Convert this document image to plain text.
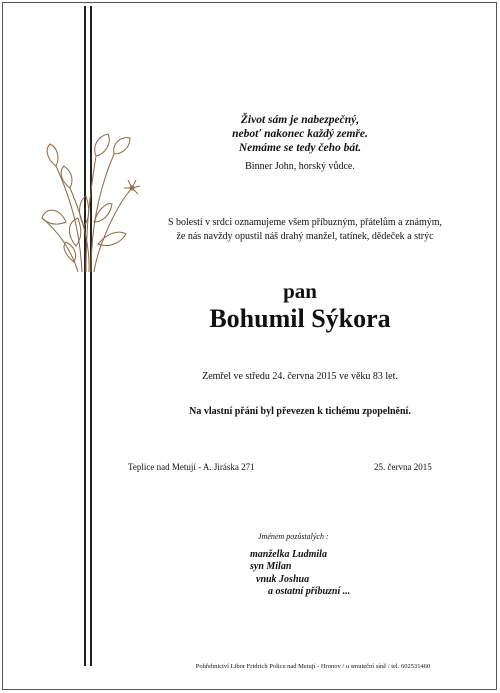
Život sám je nabezpečný,
neboť nakonec každý zemře.
Nemáme se tedy čeho bát.
Binner John, horský vůdce.
S bolestí v srdci oznamujeme všem příbuzným, přátelům a známým,
že nás navždy opustil náš drahý manžel, tatínek, dědeček a strýc
pan
Bohumil Sýkora
Zemřel ve středu 24. června 2015 ve věku 83 let.
Na vlastní přání byl převezen k tichému zpopelnění.
Teplice nad Metují - A. Jiráska 271	25. června 2015
Jménem pozůstalých :
manželka Ludmila
syn Milan
vnuk Joshua
a ostatní příbuzní ...
Pohřebnictví Libor Fridrich Police nad Metují - Hronov / u smuteční síně / tel. 602531460
